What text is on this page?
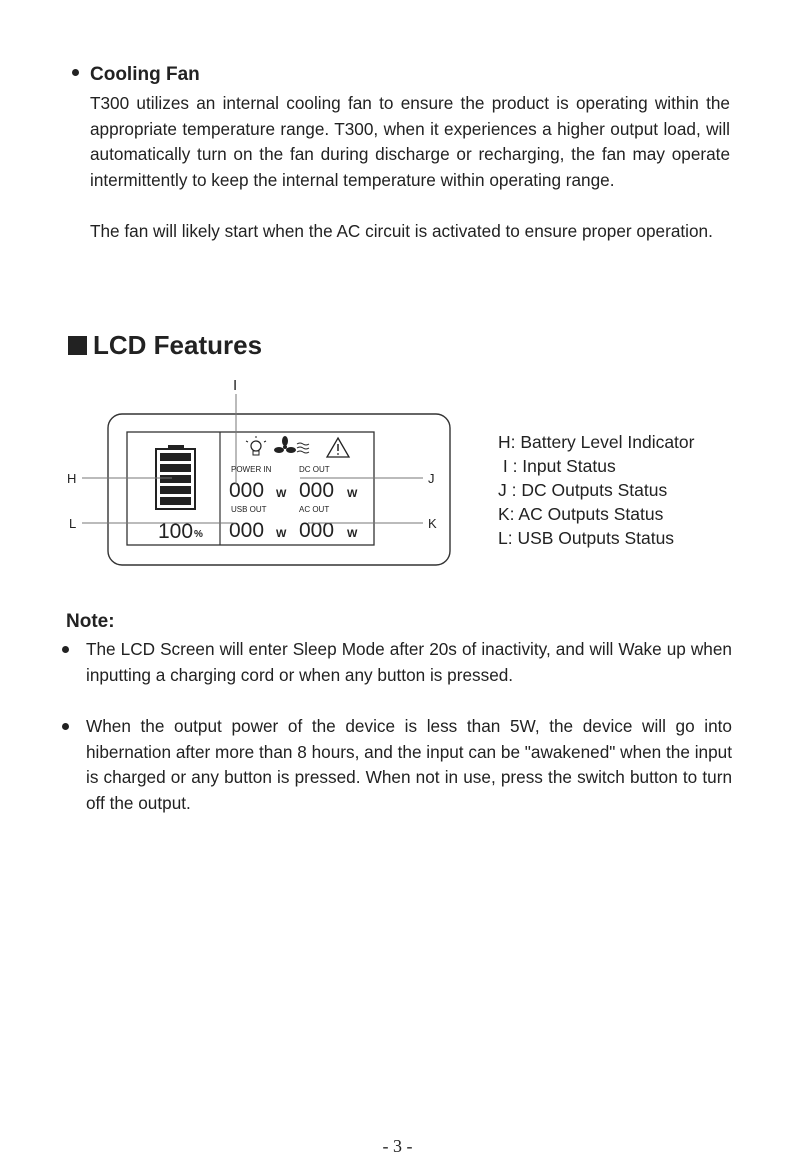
Cooling Fan
T300 utilizes an internal cooling fan to ensure the product is operating within the appropriate temperature range. T300, when it experiences a higher output load, will automatically turn on the fan during discharge or recharging, the fan may operate intermittently to keep the internal temperature within operating range.
The fan will likely start when the AC circuit is activated to ensure proper operation.
LCD Features
100 %
POWER IN	DC OUT
USB OUT	AC OUT
000 W 000 W
000 W 000 W
I
H	J
L	K
H: Battery Level Indicator
I : Input Status
J : DC Outputs Status
K: AC Outputs Status
L: USB Outputs Status
Note:
The LCD Screen will enter Sleep Mode after 20s of inactivity, and will Wake up when inputting a charging cord or when any button is pressed.
When the output power of the device is less than 5W, the device will go into hibernation after more than 8 hours, and the input can be "awakened" when the input is charged or any button is pressed. When not in use, press the switch button to turn off the output.
- 3 -
